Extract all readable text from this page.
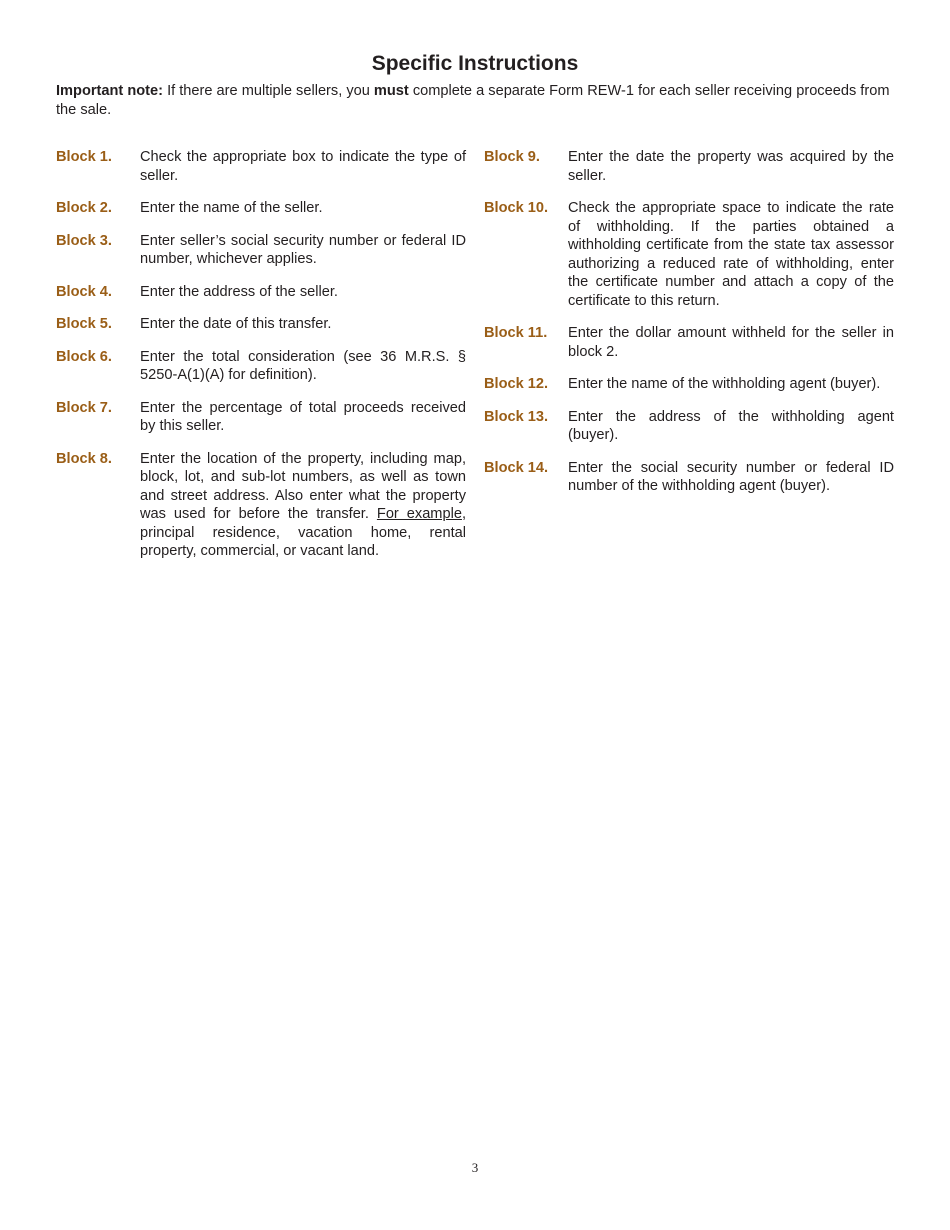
Specific Instructions

Important note: If there are multiple sellers, you must complete a separate Form REW-1 for each seller receiving proceeds from the sale.

Block 1.	Check the appropriate box to indicate the type of seller.
Block 2.	Enter the name of the seller.
Block 3.	Enter seller’s social security number or federal ID number, whichever applies.
Block 4.	Enter the address of the seller.
Block 5.	Enter the date of this transfer.
Block 6.	Enter the total consideration (see 36 M.R.S. § 5250-A(1)(A) for definition).
Block 7.	Enter the percentage of total proceeds received by this seller.
Block 8.	Enter the location of the property, including map, block, lot, and sub-lot numbers, as well as town and street address. Also enter what the property was used for before the transfer. For example, principal residence, vacation home, rental property, commercial, or vacant land.
Block 9.	Enter the date the property was acquired by the seller.
Block 10.	Check the appropriate space to indicate the rate of withholding. If the parties obtained a withholding certificate from the state tax assessor authorizing a reduced rate of withholding, enter the certificate number and attach a copy of the certificate to this return.
Block 11.	Enter the dollar amount withheld for the seller in block 2.
Block 12.	Enter the name of the withholding agent (buyer).
Block 13.	Enter the address of the withholding agent (buyer).
Block 14.	Enter the social security number or federal ID number of the withholding agent (buyer).
3
